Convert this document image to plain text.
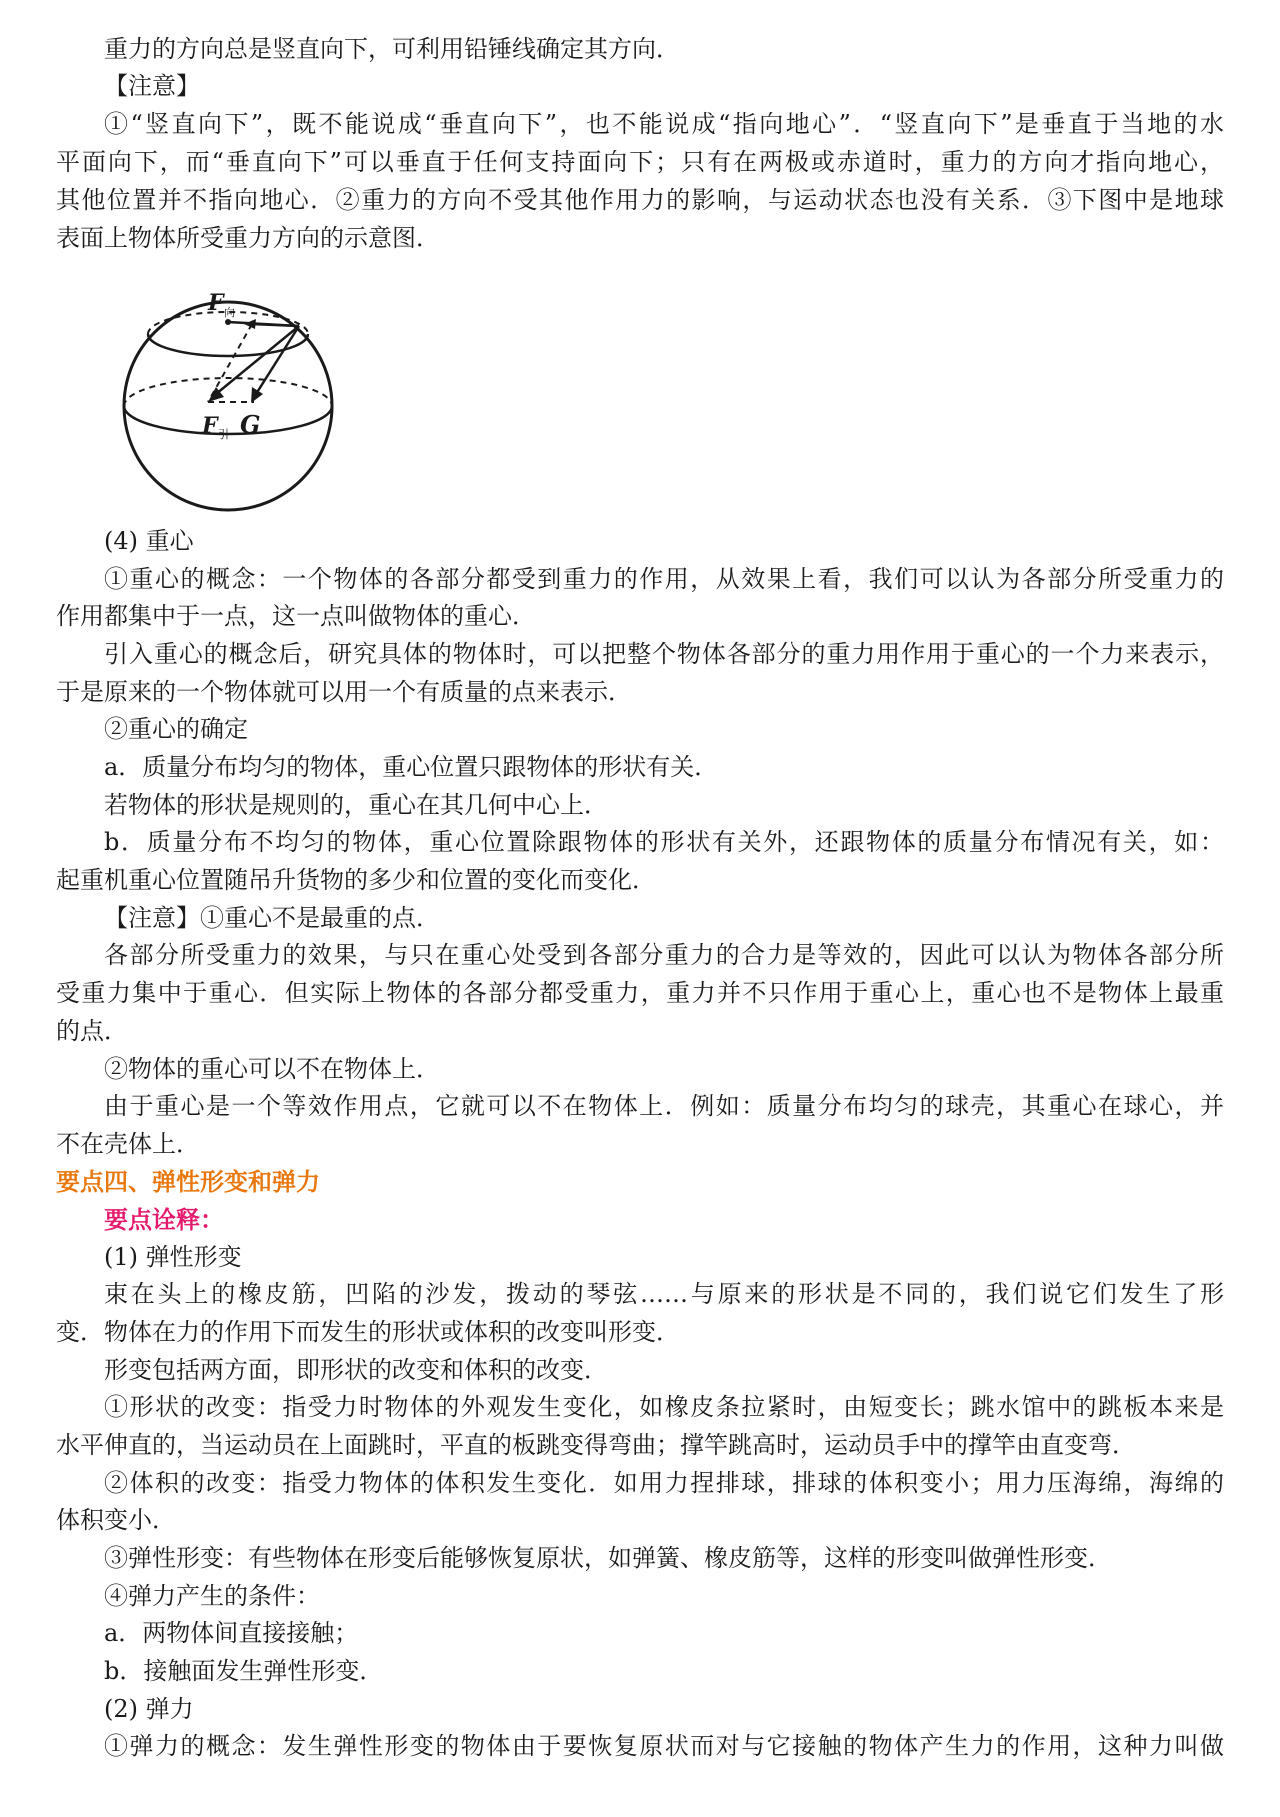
重力的方向总是竖直向下，可利用铅锤线确定其方向．
【注意】
①“竖直向下”，既不能说成“垂直向下”，也不能说成“指向地心”．“竖直向下”是垂直于当地的水
平面向下，而“垂直向下”可以垂直于任何支持面向下；只有在两极或赤道时，重力的方向才指向地心，
其他位置并不指向地心．②重力的方向不受其他作用力的影响，与运动状态也没有关系．③下图中是地球
表面上物体所受重力方向的示意图．
F 向
F 引 G
(4) 重心
①重心的概念：一个物体的各部分都受到重力的作用，从效果上看，我们可以认为各部分所受重力的
作用都集中于一点，这一点叫做物体的重心．
引入重心的概念后，研究具体的物体时，可以把整个物体各部分的重力用作用于重心的一个力来表示，
于是原来的一个物体就可以用一个有质量的点来表示．
②重心的确定
a．质量分布均匀的物体，重心位置只跟物体的形状有关．
若物体的形状是规则的，重心在其几何中心上．
b．质量分布不均匀的物体，重心位置除跟物体的形状有关外，还跟物体的质量分布情况有关，如：
起重机重心位置随吊升货物的多少和位置的变化而变化．
【注意】①重心不是最重的点．
各部分所受重力的效果，与只在重心处受到各部分重力的合力是等效的，因此可以认为物体各部分所
受重力集中于重心．但实际上物体的各部分都受重力，重力并不只作用于重心上，重心也不是物体上最重
的点．
②物体的重心可以不在物体上．
由于重心是一个等效作用点，它就可以不在物体上．例如：质量分布均匀的球壳，其重心在球心，并
不在壳体上．
要点四、弹性形变和弹力
要点诠释：
(1) 弹性形变
束在头上的橡皮筋，凹陷的沙发，拨动的琴弦……与原来的形状是不同的，我们说它们发生了形
变．物体在力的作用下而发生的形状或体积的改变叫形变．
形变包括两方面，即形状的改变和体积的改变．
①形状的改变：指受力时物体的外观发生变化，如橡皮条拉紧时，由短变长；跳水馆中的跳板本来是
水平伸直的，当运动员在上面跳时，平直的板跳变得弯曲；撑竿跳高时，运动员手中的撑竿由直变弯．
②体积的改变：指受力物体的体积发生变化．如用力捏排球，排球的体积变小；用力压海绵，海绵的
体积变小．
③弹性形变：有些物体在形变后能够恢复原状，如弹簧、橡皮筋等，这样的形变叫做弹性形变．
④弹力产生的条件：
a．两物体间直接接触；
b．接触面发生弹性形变．
(2) 弹力
①弹力的概念：发生弹性形变的物体由于要恢复原状而对与它接触的物体产生力的作用，这种力叫做
